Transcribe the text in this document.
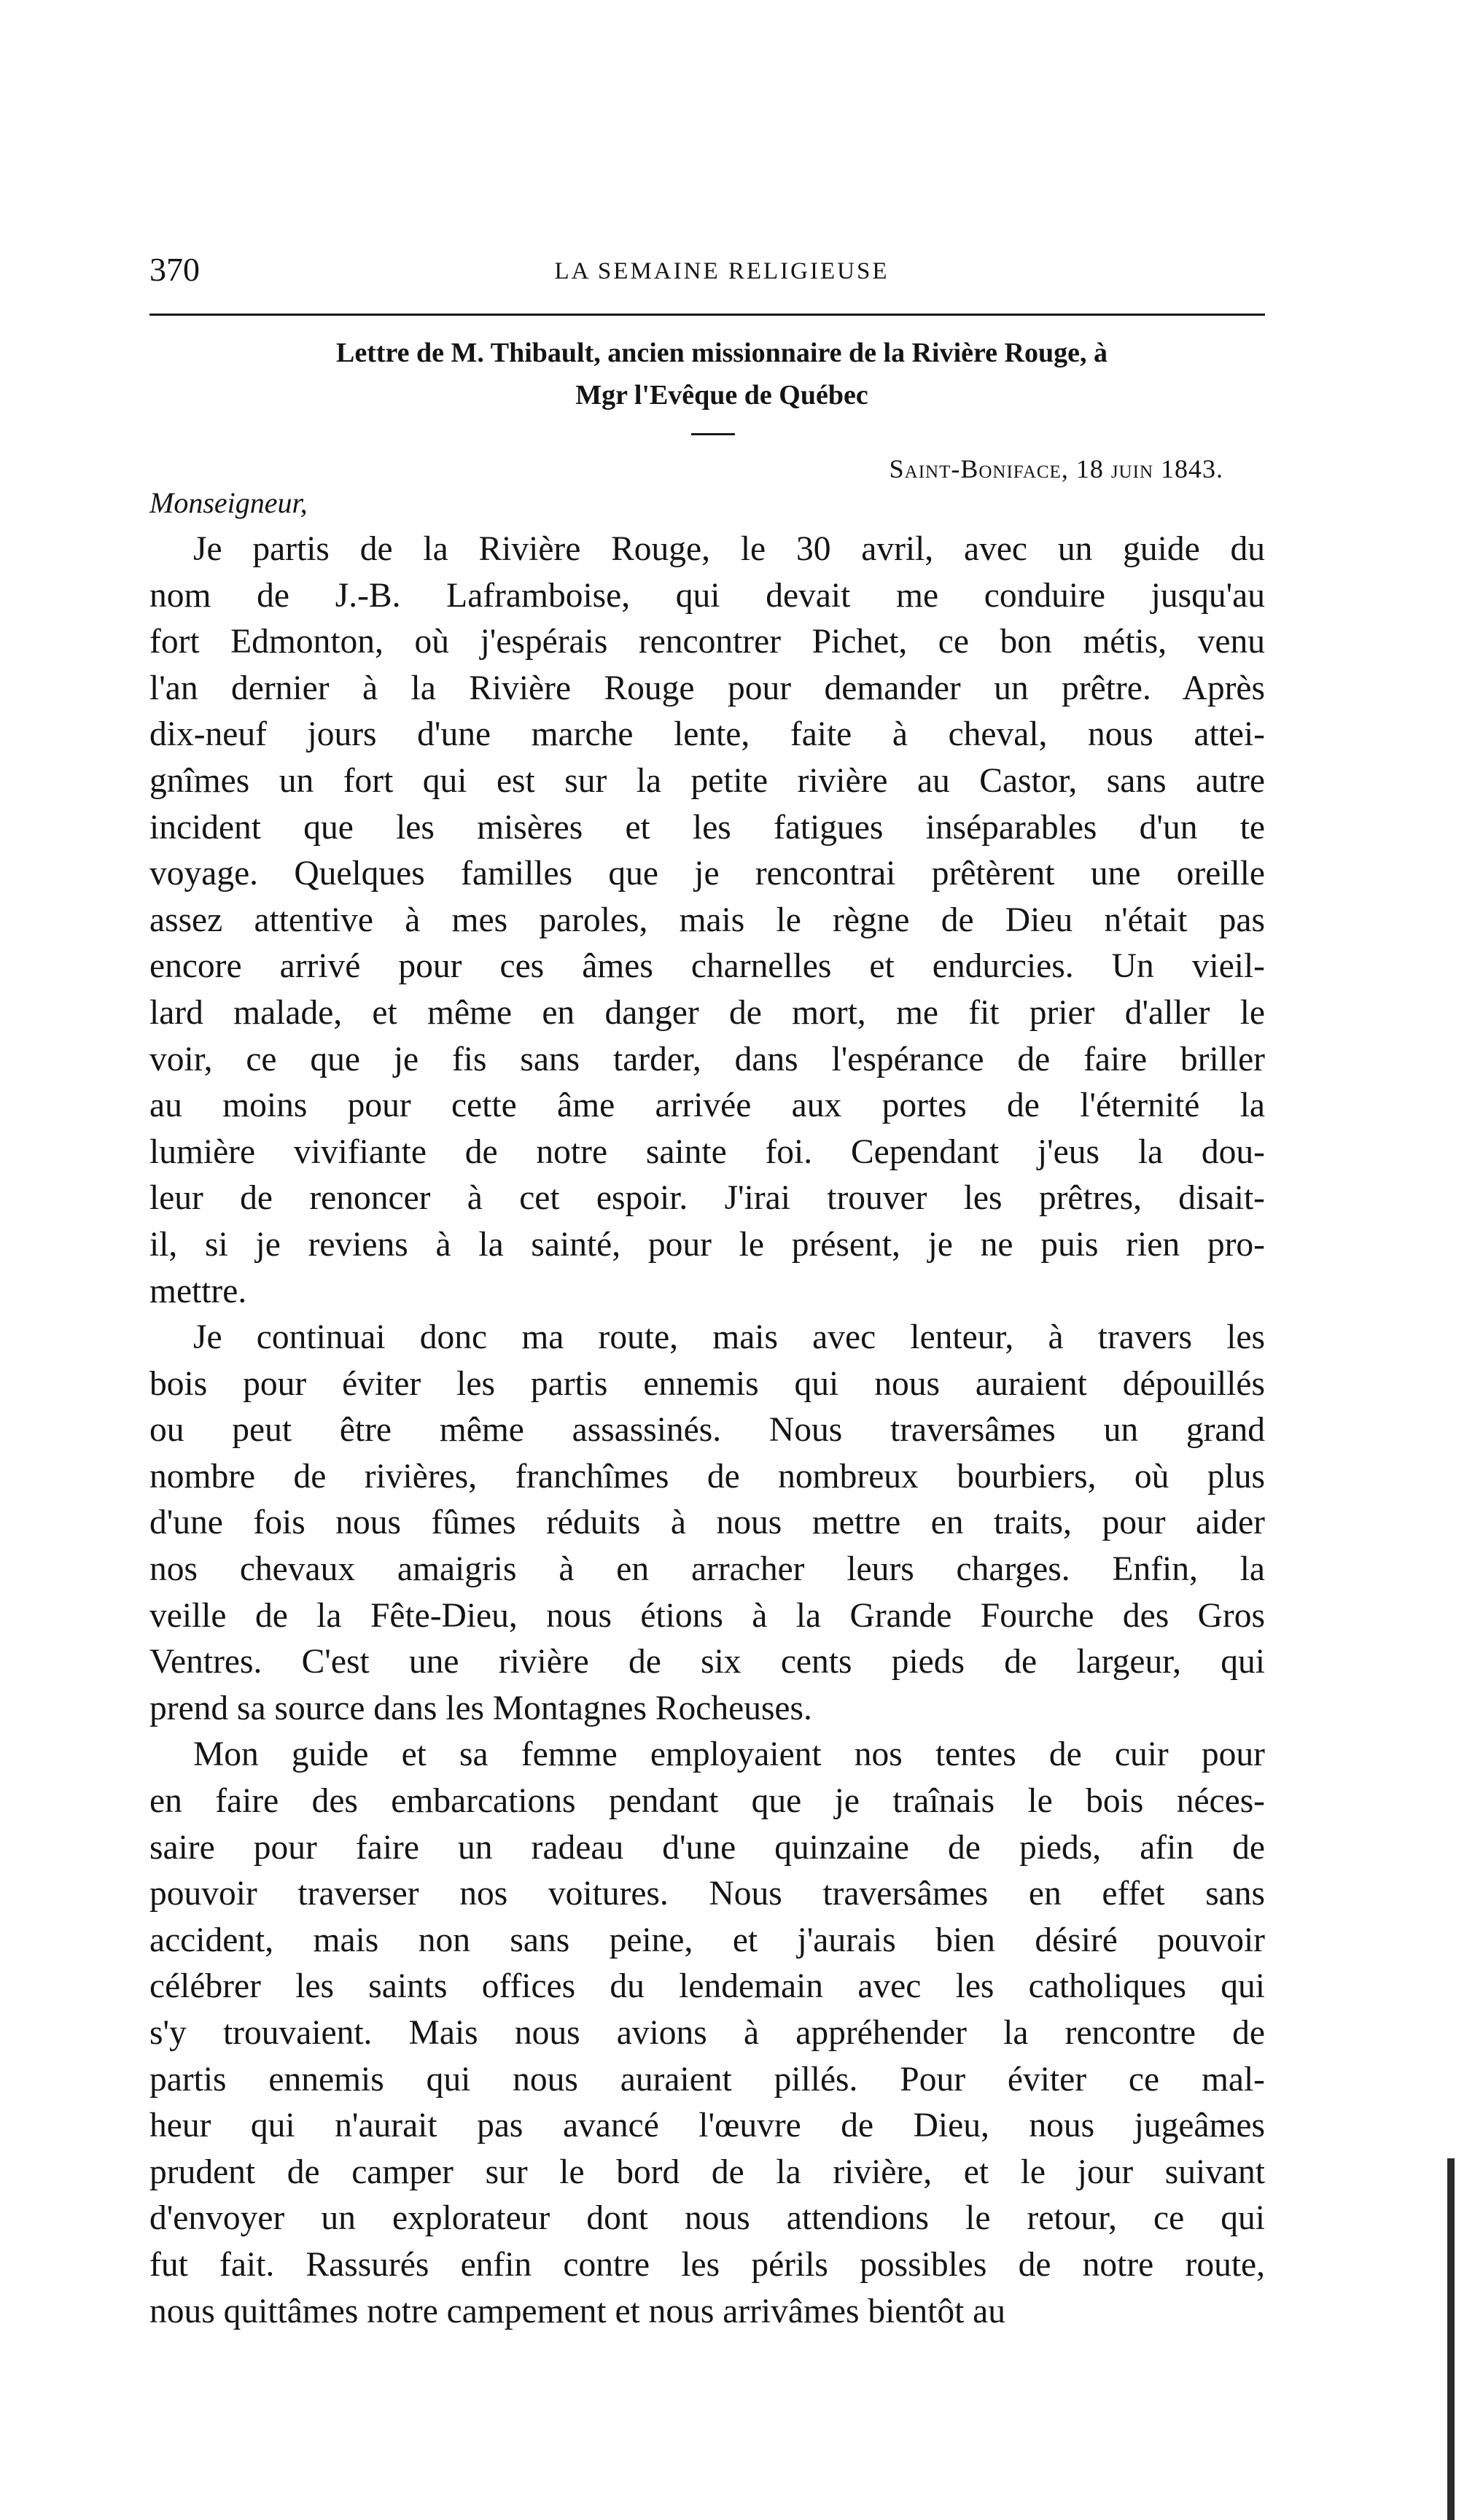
370	LA SEMAINE RELIGIEUSE
Lettre de M. Thibault, ancien missionnaire de la Rivière Rouge, à
Mgr l'Evêque de Québec
Saint-Boniface, 18 juin 1843.
Monseigneur,
Je partis de la Rivière Rouge, le 30 avril, avec un guide du
nom de J.-B. Laframboise, qui devait me conduire jusqu'au
fort Edmonton, où j'espérais rencontrer Pichet, ce bon métis, venu
l'an dernier à la Rivière Rouge pour demander un prêtre. Après
dix-neuf jours d'une marche lente, faite à cheval, nous attei-
gnîmes un fort qui est sur la petite rivière au Castor, sans autre
incident que les misères et les fatigues inséparables d'un te
voyage. Quelques familles que je rencontrai prêtèrent une oreille
assez attentive à mes paroles, mais le règne de Dieu n'était pas
encore arrivé pour ces âmes charnelles et endurcies. Un vieil-
lard malade, et même en danger de mort, me fit prier d'aller le
voir, ce que je fis sans tarder, dans l'espérance de faire briller
au moins pour cette âme arrivée aux portes de l'éternité la
lumière vivifiante de notre sainte foi. Cependant j'eus la dou-
leur de renoncer à cet espoir. J'irai trouver les prêtres, disait-
il, si je reviens à la sainté, pour le présent, je ne puis rien pro-
mettre.
Je continuai donc ma route, mais avec lenteur, à travers les
bois pour éviter les partis ennemis qui nous auraient dépouillés
ou peut être même assassinés. Nous traversâmes un grand
nombre de rivières, franchîmes de nombreux bourbiers, où plus
d'une fois nous fûmes réduits à nous mettre en traits, pour aider
nos chevaux amaigris à en arracher leurs charges. Enfin, la
veille de la Fête-Dieu, nous étions à la Grande Fourche des Gros
Ventres. C'est une rivière de six cents pieds de largeur, qui
prend sa source dans les Montagnes Rocheuses.
Mon guide et sa femme employaient nos tentes de cuir pour
en faire des embarcations pendant que je traînais le bois néces-
saire pour faire un radeau d'une quinzaine de pieds, afin de
pouvoir traverser nos voitures. Nous traversâmes en effet sans
accident, mais non sans peine, et j'aurais bien désiré pouvoir
célébrer les saints offices du lendemain avec les catholiques qui
s'y trouvaient. Mais nous avions à appréhender la rencontre de
partis ennemis qui nous auraient pillés. Pour éviter ce mal-
heur qui n'aurait pas avancé l'œuvre de Dieu, nous jugeâmes
prudent de camper sur le bord de la rivière, et le jour suivant
d'envoyer un explorateur dont nous attendions le retour, ce qui
fut fait. Rassurés enfin contre les périls possibles de notre route,
nous quittâmes notre campement et nous arrivâmes bientôt au
